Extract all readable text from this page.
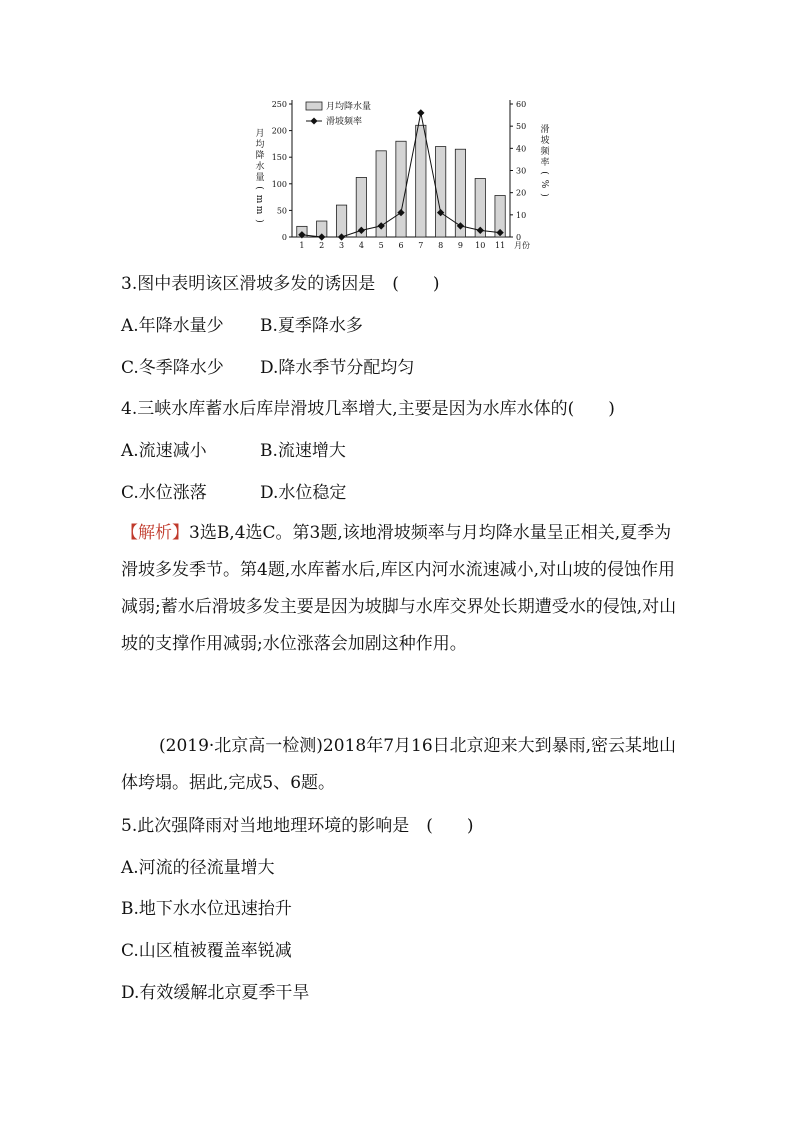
0
50
100
150
200
250
0
10
20
30
40
50
60
1 2 3 4 5 6 7 8 9 10 11 月份
月
均
降
水
量
(
m
m
)
滑
坡
频
率
(
%
)
月均降水量
滑坡频率
3.图中表明该区滑坡多发的诱因是　(　　)
A.年降水量少 B.夏季降水多
C.冬季降水少 D.降水季节分配均匀
4.三峡水库蓄水后库岸滑坡几率增大,主要是因为水库水体的(　　)
A.流速减小	B.流速增大
C.水位涨落	D.水位稳定
【解析】3选B,4选C。第3题,该地滑坡频率与月均降水量呈正相关,夏季为滑坡多发季节。第4题,水库蓄水后,库区内河水流速减小,对山坡的侵蚀作用减弱;蓄水后滑坡多发主要是因为坡脚与水库交界处长期遭受水的侵蚀,对山坡的支撑作用减弱;水位涨落会加剧这种作用。
(2019·北京高一检测)2018年7月16日北京迎来大到暴雨,密云某地山体垮塌。据此,完成5、6题。
5.此次强降雨对当地地理环境的影响是　(　　)
A.河流的径流量增大
B.地下水水位迅速抬升
C.山区植被覆盖率锐减
D.有效缓解北京夏季干旱
